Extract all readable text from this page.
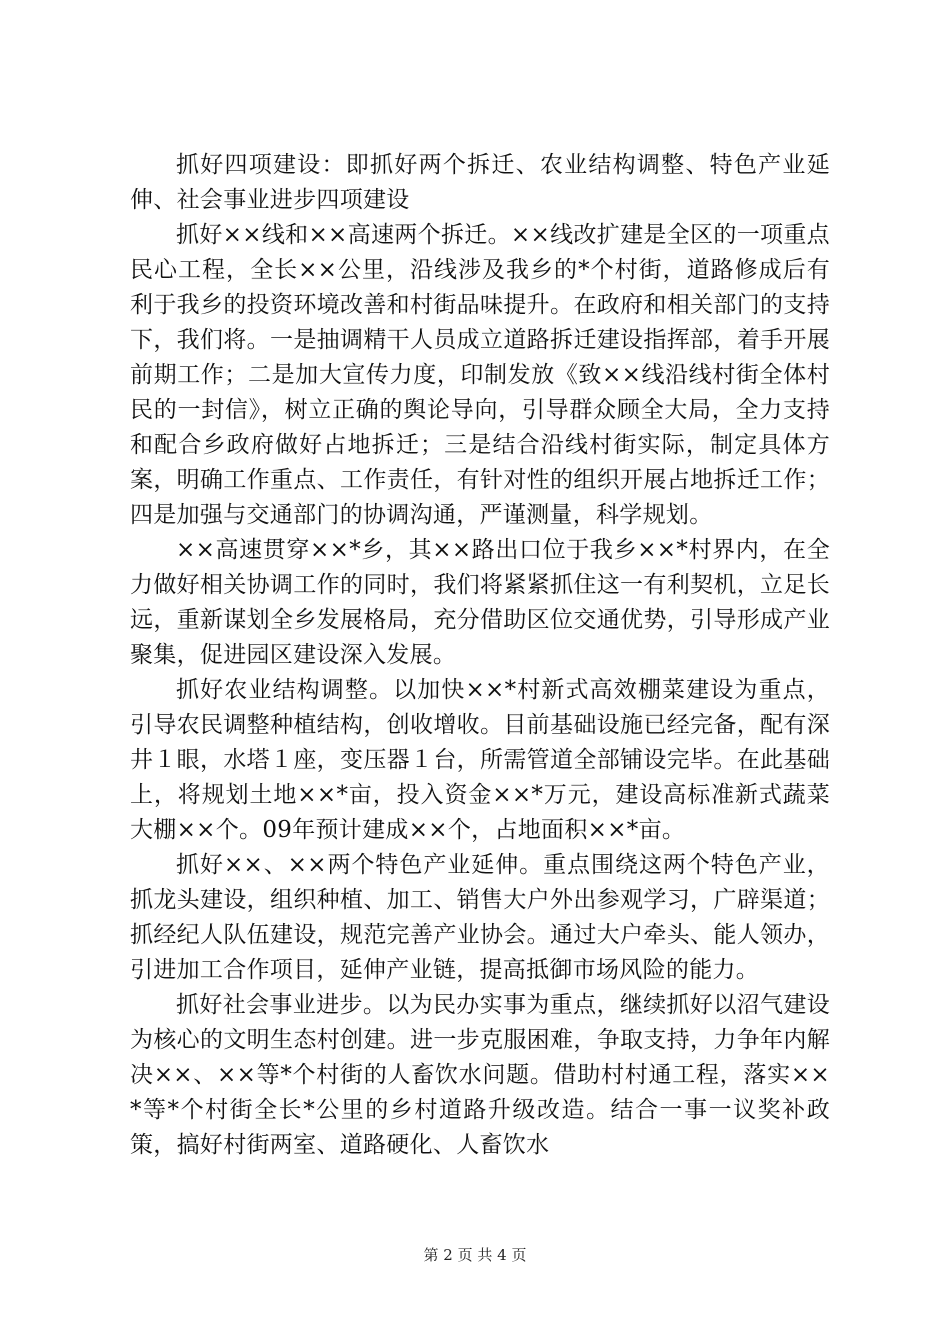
抓好四项建设：即抓好两个拆迁、农业结构调整、特色产业延伸、社会事业进步四项建设

抓好××线和××高速两个拆迁。××线改扩建是全区的一项重点民心工程，全长××公里，沿线涉及我乡的*个村街，道路修成后有利于我乡的投资环境改善和村街品味提升。在政府和相关部门的支持下，我们将。一是抽调精干人员成立道路拆迁建设指挥部，着手开展前期工作；二是加大宣传力度，印制发放《致××线沿线村街全体村民的一封信》，树立正确的舆论导向，引导群众顾全大局，全力支持和配合乡政府做好占地拆迁；三是结合沿线村街实际，制定具体方案，明确工作重点、工作责任，有针对性的组织开展占地拆迁工作；四是加强与交通部门的协调沟通，严谨测量，科学规划。

××高速贯穿××*乡，其××路出口位于我乡××*村界内，在全力做好相关协调工作的同时，我们将紧紧抓住这一有利契机，立足长远，重新谋划全乡发展格局，充分借助区位交通优势，引导形成产业聚集，促进园区建设深入发展。

抓好农业结构调整。以加快××*村新式高效棚菜建设为重点，引导农民调整种植结构，创收增收。目前基础设施已经完备，配有深井１眼，水塔１座，变压器１台，所需管道全部铺设完毕。在此基础上，将规划土地××*亩，投入资金××*万元，建设高标准新式蔬菜大棚××个。09年预计建成××个，占地面积××*亩。

抓好××、××两个特色产业延伸。重点围绕这两个特色产业，抓龙头建设，组织种植、加工、销售大户外出参观学习，广辟渠道；抓经纪人队伍建设，规范完善产业协会。通过大户牵头、能人领办，引进加工合作项目，延伸产业链，提高抵御市场风险的能力。

抓好社会事业进步。以为民办实事为重点，继续抓好以沼气建设为核心的文明生态村创建。进一步克服困难，争取支持，力争年内解决××、××等*个村街的人畜饮水问题。借助村村通工程，落实××*等*个村街全长*公里的乡村道路升级改造。结合一事一议奖补政策，搞好村街两室、道路硬化、人畜饮水

第 2 页 共 4 页
